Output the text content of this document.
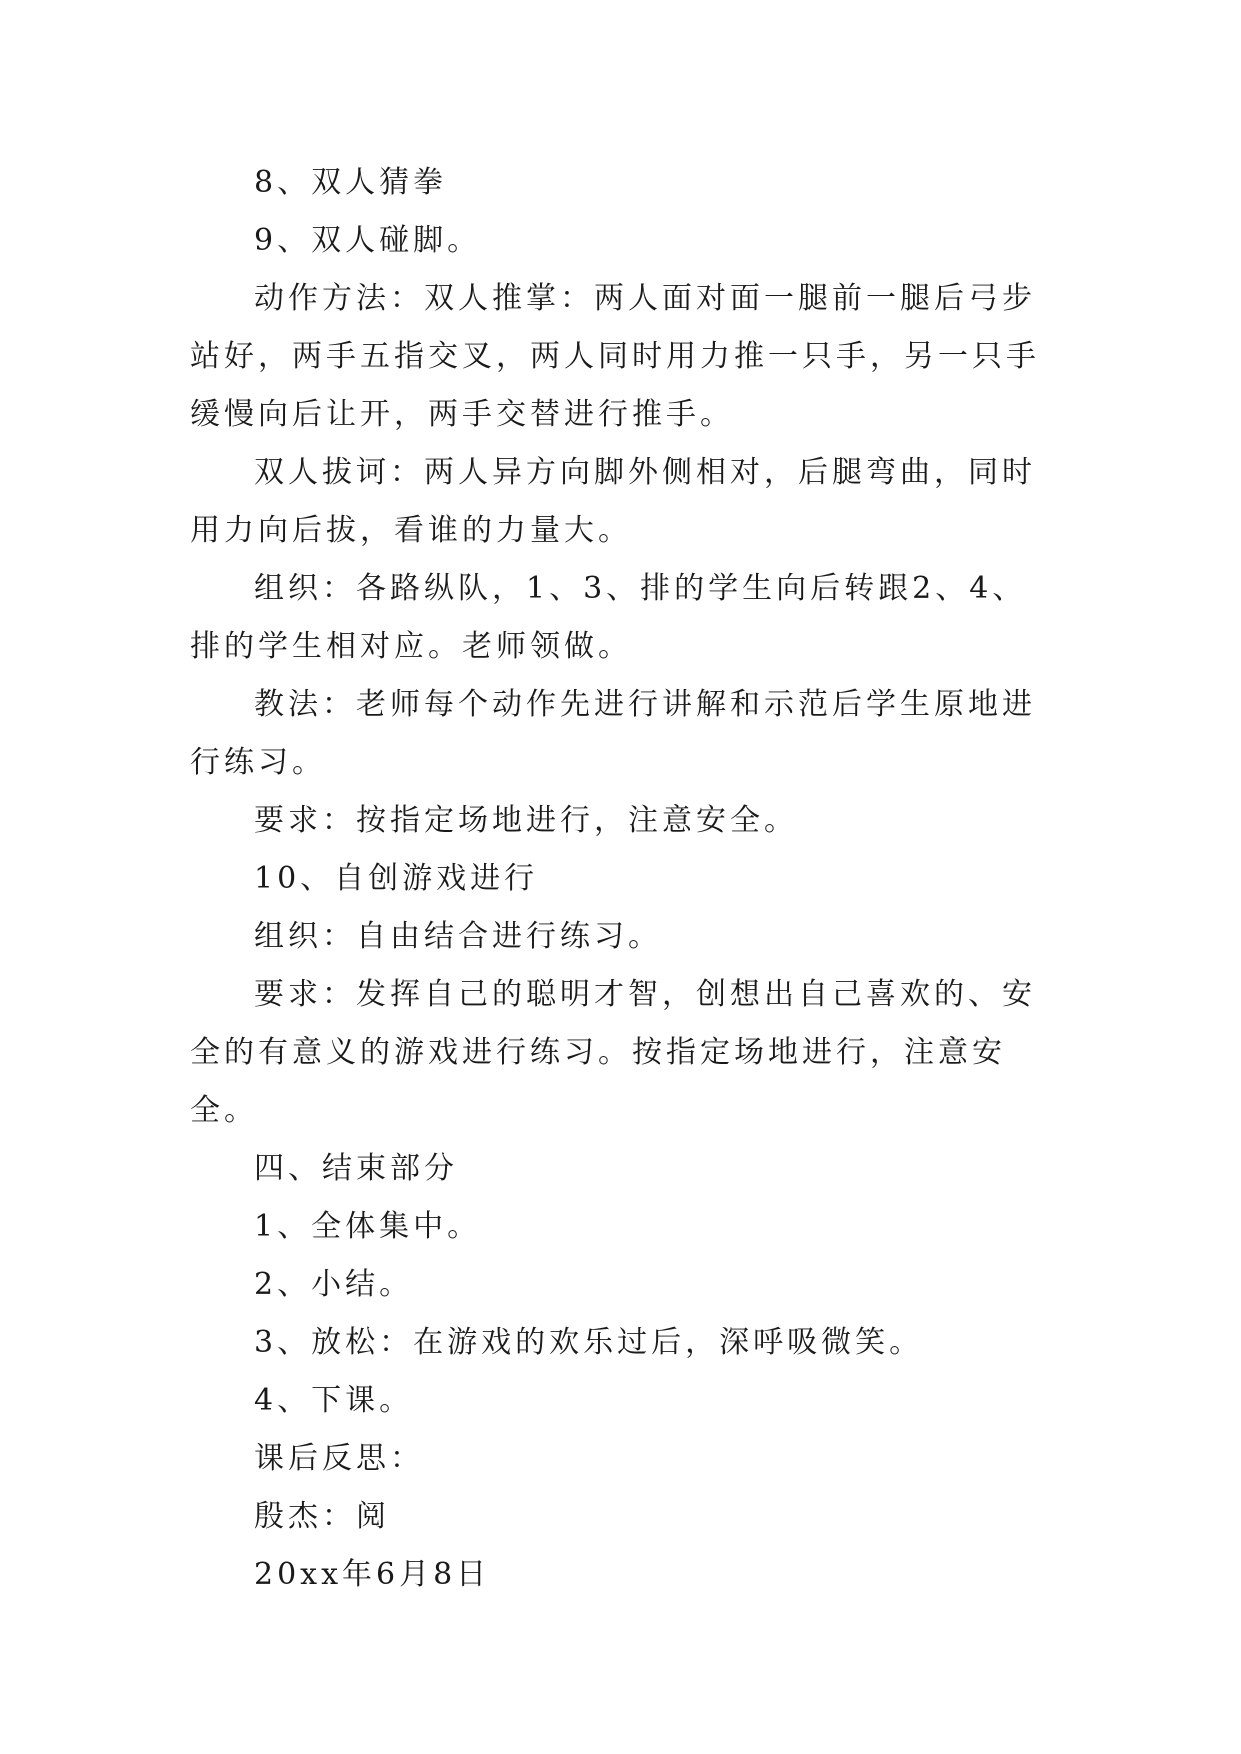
8、双人猜拳

9、双人碰脚。

动作方法：双人推掌：两人面对面一腿前一腿后弓步站好，两手五指交叉，两人同时用力推一只手，另一只手缓慢向后让开，两手交替进行推手。

双人拔诃：两人异方向脚外侧相对，后腿弯曲，同时用力向后拔，看谁的力量大。

组织：各路纵队，1、3、排的学生向后转跟2、4、排的学生相对应。老师领做。

教法：老师每个动作先进行讲解和示范后学生原地进行练习。

要求：按指定场地进行，注意安全。

10、自创游戏进行

组织：自由结合进行练习。

要求：发挥自己的聪明才智，创想出自己喜欢的、安全的有意义的游戏进行练习。按指定场地进行，注意安全。

四、结束部分

1、全体集中。

2、小结。

3、放松：在游戏的欢乐过后，深呼吸微笑。

4、下课。

课后反思：

殷杰：阅

20xx年6月8日
